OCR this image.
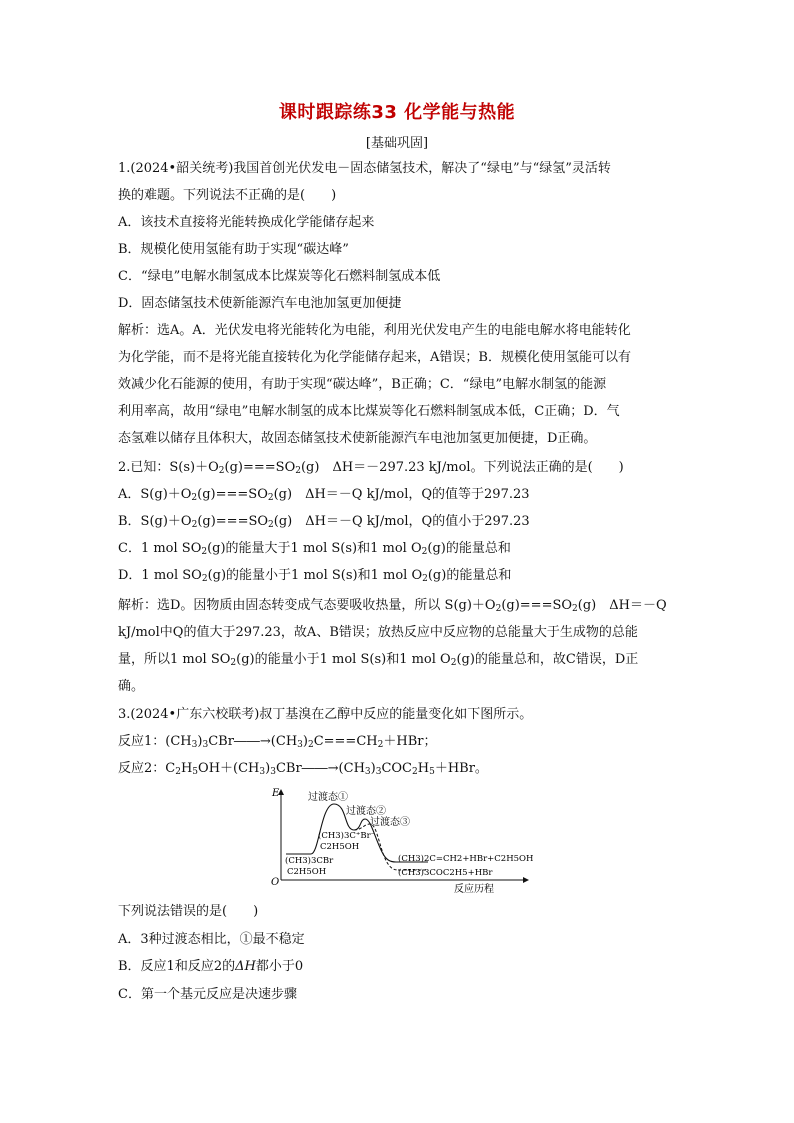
课时跟踪练33 化学能与热能
[基础巩固]
1.(2024•韶关统考)我国首创光伏发电－固态储氢技术，解决了“绿电”与“绿氢”灵活转
换的难题。下列说法不正确的是(　　)
A．该技术直接将光能转换成化学能储存起来
B．规模化使用氢能有助于实现“碳达峰”
C．“绿电”电解水制氢成本比煤炭等化石燃料制氢成本低
D．固态储氢技术使新能源汽车电池加氢更加便捷
解析：选A。A．光伏发电将光能转化为电能，利用光伏发电产生的电能电解水将电能转化
为化学能，而不是将光能直接转化为化学能储存起来，A错误；B．规模化使用氢能可以有
效减少化石能源的使用，有助于实现“碳达峰”，B正确；C．“绿电”电解水制氢的能源
利用率高，故用“绿电”电解水制氢的成本比煤炭等化石燃料制氢成本低，C正确；D．气
态氢难以储存且体积大，故固态储氢技术使新能源汽车电池加氢更加便捷，D正确。
2.已知：$S(s)+O_2(g)===SO_2(g)$　ΔH＝－297.23 kJ/mol。下列说法正确的是(　　)
A．$S(g)+O_2(g)===SO_2(g)$　ΔH＝－Q kJ/mol，Q的值等于297.23
B．$S(g)+O_2(g)===SO_2(g)$　ΔH＝－Q kJ/mol，Q的值小于297.23
C．1 mol $SO_2(g)$的能量大于1 mol S(s)和1 mol $O_2(g)$的能量总和
D．1 mol $SO_2(g)$的能量小于1 mol S(s)和1 mol $O_2(g)$的能量总和
解析：选D。因物质由固态转变成气态要吸收热量，所以 $S(g)+O_2(g)===SO_2(g)$　ΔH＝－Q
kJ/mol中Q的值大于297.23，故A、B错误；放热反应中反应物的总能量大于生成物的总能
量，所以1 mol $SO_2(g)$的能量小于1 mol S(s)和1 mol $O_2(g)$的能量总和，故C错误，D正
确。
3.(2024•广东六校联考)叔丁基溴在乙醇中反应的能量变化如下图所示。
反应1：$(CH_3)_3CBr――\to(CH_3)_2C===CH_2+HBr$；
反应2：$C_2H_5OH+(CH_3)_3CBr――\to(CH_3)_3COC_2H_5+HBr$。
E
O
反应历程
过渡态①
过渡态②
过渡态③
(CH3)3C⁺Br⁻
C2H5OH
(CH3)3CBr
C2H5OH
(CH3)2C=CH2+HBr+C2H5OH
(CH3)3COC2H5+HBr
下列说法错误的是(　　)
A．3种过渡态相比，①最不稳定
B．反应1和反应2的ΔH都小于0
C．第一个基元反应是决速步骤
